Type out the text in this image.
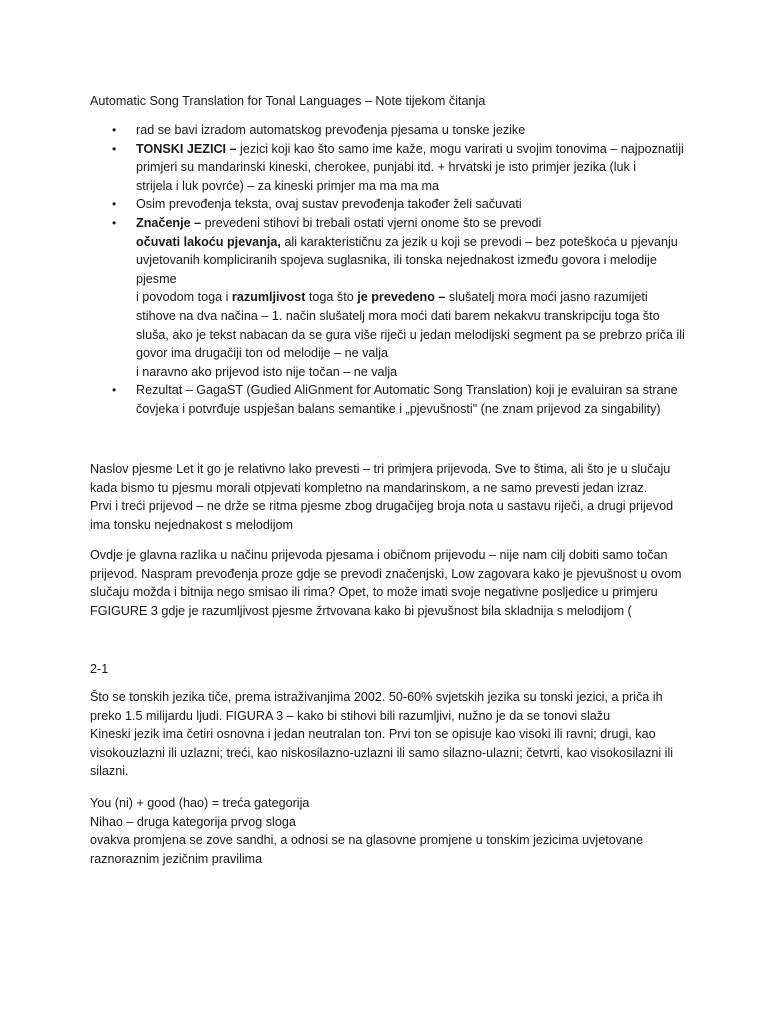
Automatic Song Translation for Tonal Languages – Note tijekom čitanja

• rad se bavi izradom automatskog prevođenja pjesama u tonske jezike
• TONSKI JEZICI – jezici koji kao što samo ime kaže, mogu varirati u svojim tonovima – najpoznatiji
primjeri su mandarinski kineski, cherokee, punjabi itd. + hrvatski je isto primjer jezika (luk i
strijela i luk povrće) – za kineski primjer ma ma ma ma
• Osim prevođenja teksta, ovaj sustav prevođenja također želi sačuvati
• Značenje – prevedeni stihovi bi trebali ostati vjerni onome što se prevodi
očuvati lakoću pjevanja, ali karakterističnu za jezik u koji se prevodi – bez poteškoća u pjevanju
uvjetovanih kompliciranih spojeva suglasnika, ili tonska nejednakost između govora i melodije
pjesme
i povodom toga i razumljivost toga što je prevedeno – slušatelj mora moći jasno razumijeti
stihove na dva načina – 1. način slušatelj mora moći dati barem nekakvu transkripciju toga što
sluša, ako je tekst nabacan da se gura više riječi u jedan melodijski segment pa se prebrzo priča ili
govor ima drugačiji ton od melodije – ne valja
i naravno ako prijevod isto nije točan – ne valja
• Rezultat – GagaST (Gudied AliGnment for Automatic Song Translation) koji je evaluiran sa strane
čovjeka i potvrđuje uspješan balans semantike i „pjevušnosti" (ne znam prijevod za singability)
Naslov pjesme Let it go je relativno lako prevesti – tri primjera prijevoda. Sve to štima, ali što je u slučaju
kada bismo tu pjesmu morali otpjevati kompletno na mandarinskom, a ne samo prevesti jedan izraz.
Prvi i treći prijevod – ne drže se ritma pjesme zbog drugačijeg broja nota u sastavu riječi, a drugi prijevod
ima tonsku nejednakost s melodijom
Ovdje je glavna razlika u načinu prijevoda pjesama i običnom prijevodu – nije nam cilj dobiti samo točan
prijevod. Naspram prevođenja proze gdje se prevodi značenjski, Low zagovara kako je pjevušnost u ovom
slučaju možda i bitnija nego smisao ili rima? Opet, to može imati svoje negativne posljedice u primjeru
FGIGURE 3 gdje je razumljivost pjesme žrtvovana kako bi pjevušnost bila skladnija s melodijom (
2-1
Što se tonskih jezika tiče, prema istraživanjima 2002. 50-60% svjetskih jezika su tonski jezici, a priča ih
preko 1.5 milijardu ljudi. FIGURA 3 – kako bi stihovi bili razumljivi, nužno je da se tonovi slažu
Kineski jezik ima četiri osnovna i jedan neutralan ton. Prvi ton se opisuje kao visoki ili ravni; drugi, kao
visokouzlazni ili uzlazni; treći, kao niskosilazno-uzlazni ili samo silazno-ulazni; četvrti, kao visokosilazni ili
silazni.
You (ni) + good (hao) = treća gategorija
Nihao – druga kategorija prvog sloga
ovakva promjena se zove sandhi, a odnosi se na glasovne promjene u tonskim jezicima uvjetovane
raznoraznim jezičnim pravilima
